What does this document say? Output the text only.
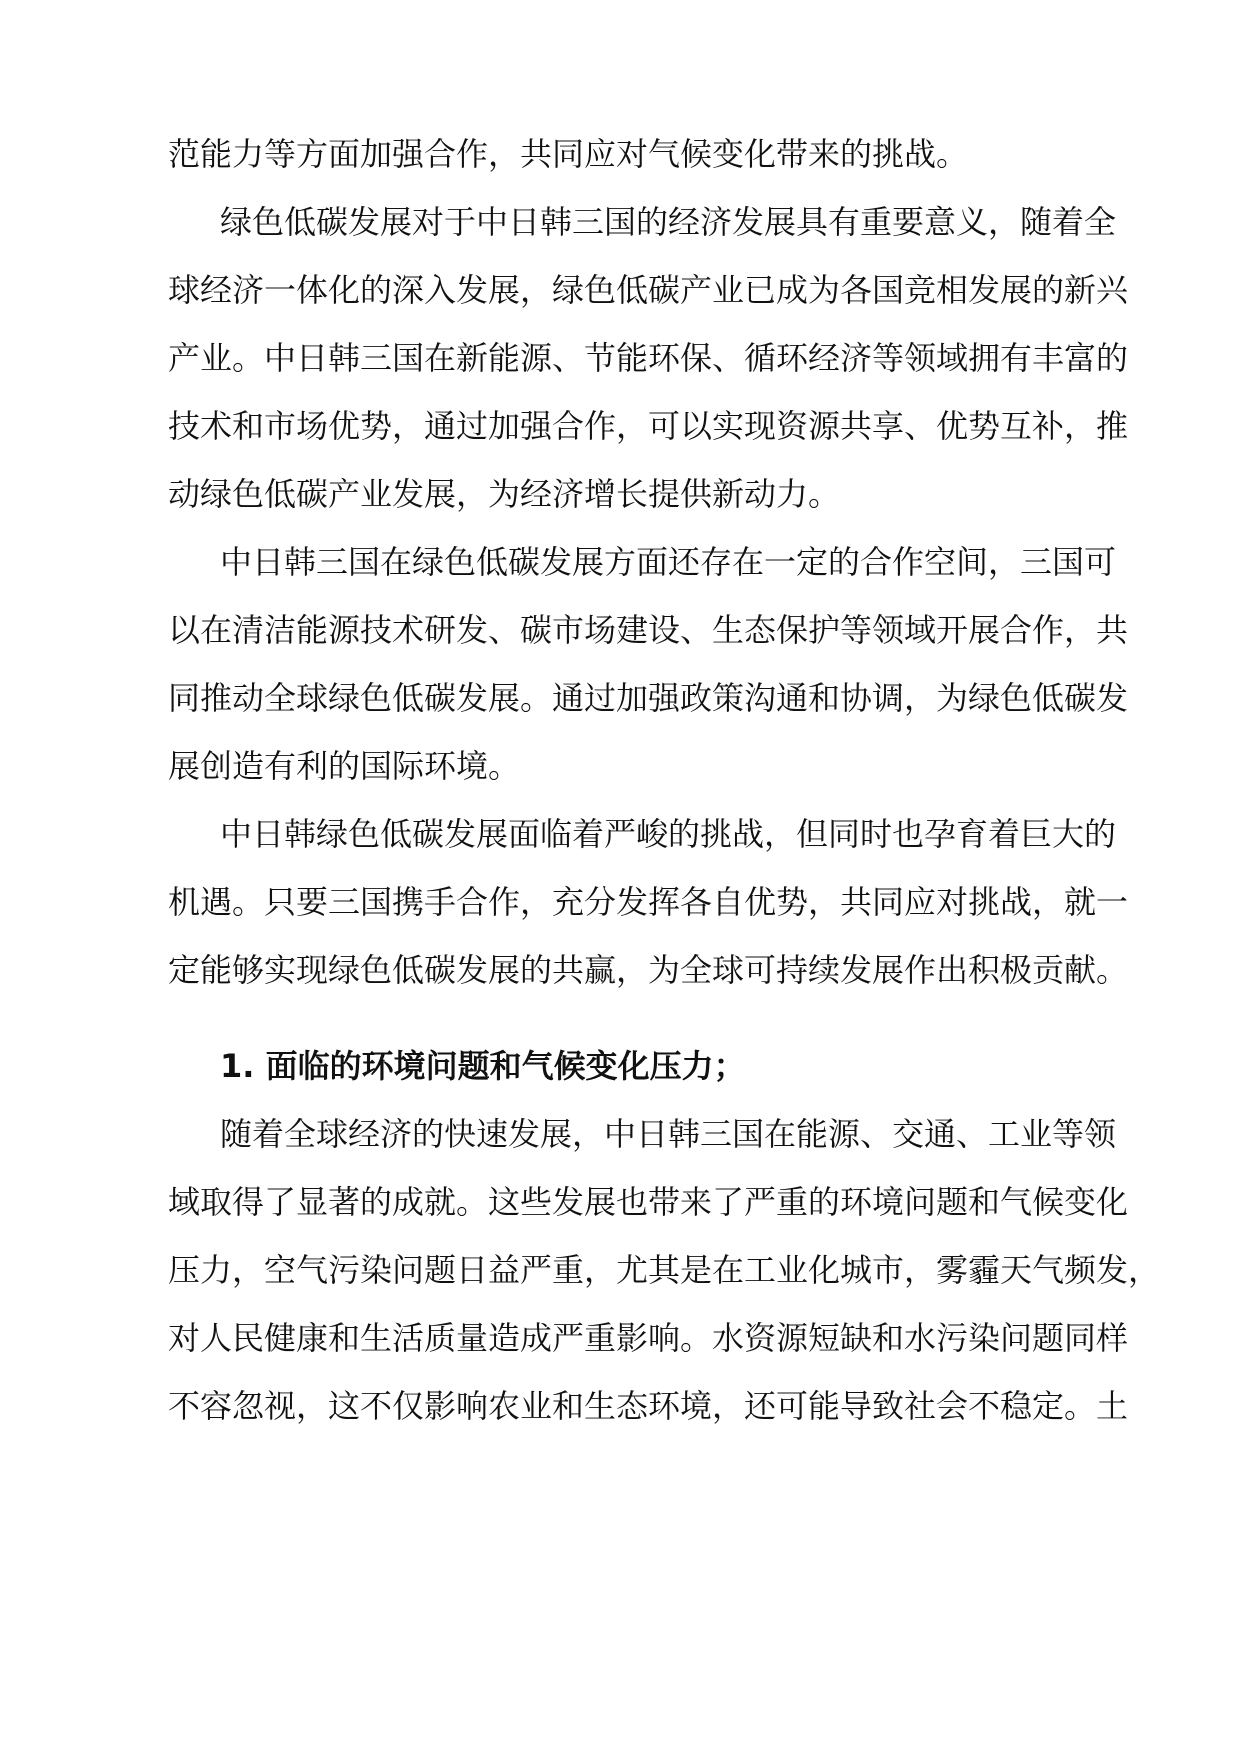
范能力等方面加强合作，共同应对气候变化带来的挑战。
绿色低碳发展对于中日韩三国的经济发展具有重要意义，随着全
球经济一体化的深入发展，绿色低碳产业已成为各国竞相发展的新兴
产业。中日韩三国在新能源、节能环保、循环经济等领域拥有丰富的
技术和市场优势，通过加强合作，可以实现资源共享、优势互补，推
动绿色低碳产业发展，为经济增长提供新动力。
中日韩三国在绿色低碳发展方面还存在一定的合作空间，三国可
以在清洁能源技术研发、碳市场建设、生态保护等领域开展合作，共
同推动全球绿色低碳发展。通过加强政策沟通和协调，为绿色低碳发
展创造有利的国际环境。
中日韩绿色低碳发展面临着严峻的挑战，但同时也孕育着巨大的
机遇。只要三国携手合作，充分发挥各自优势，共同应对挑战，就一
定能够实现绿色低碳发展的共赢，为全球可持续发展作出积极贡献。
1. 面临的环境问题和气候变化压力；
随着全球经济的快速发展，中日韩三国在能源、交通、工业等领
域取得了显著的成就。这些发展也带来了严重的环境问题和气候变化
压力，空气污染问题日益严重，尤其是在工业化城市，雾霾天气频发，
对人民健康和生活质量造成严重影响。水资源短缺和水污染问题同样
不容忽视，这不仅影响农业和生态环境，还可能导致社会不稳定。土
